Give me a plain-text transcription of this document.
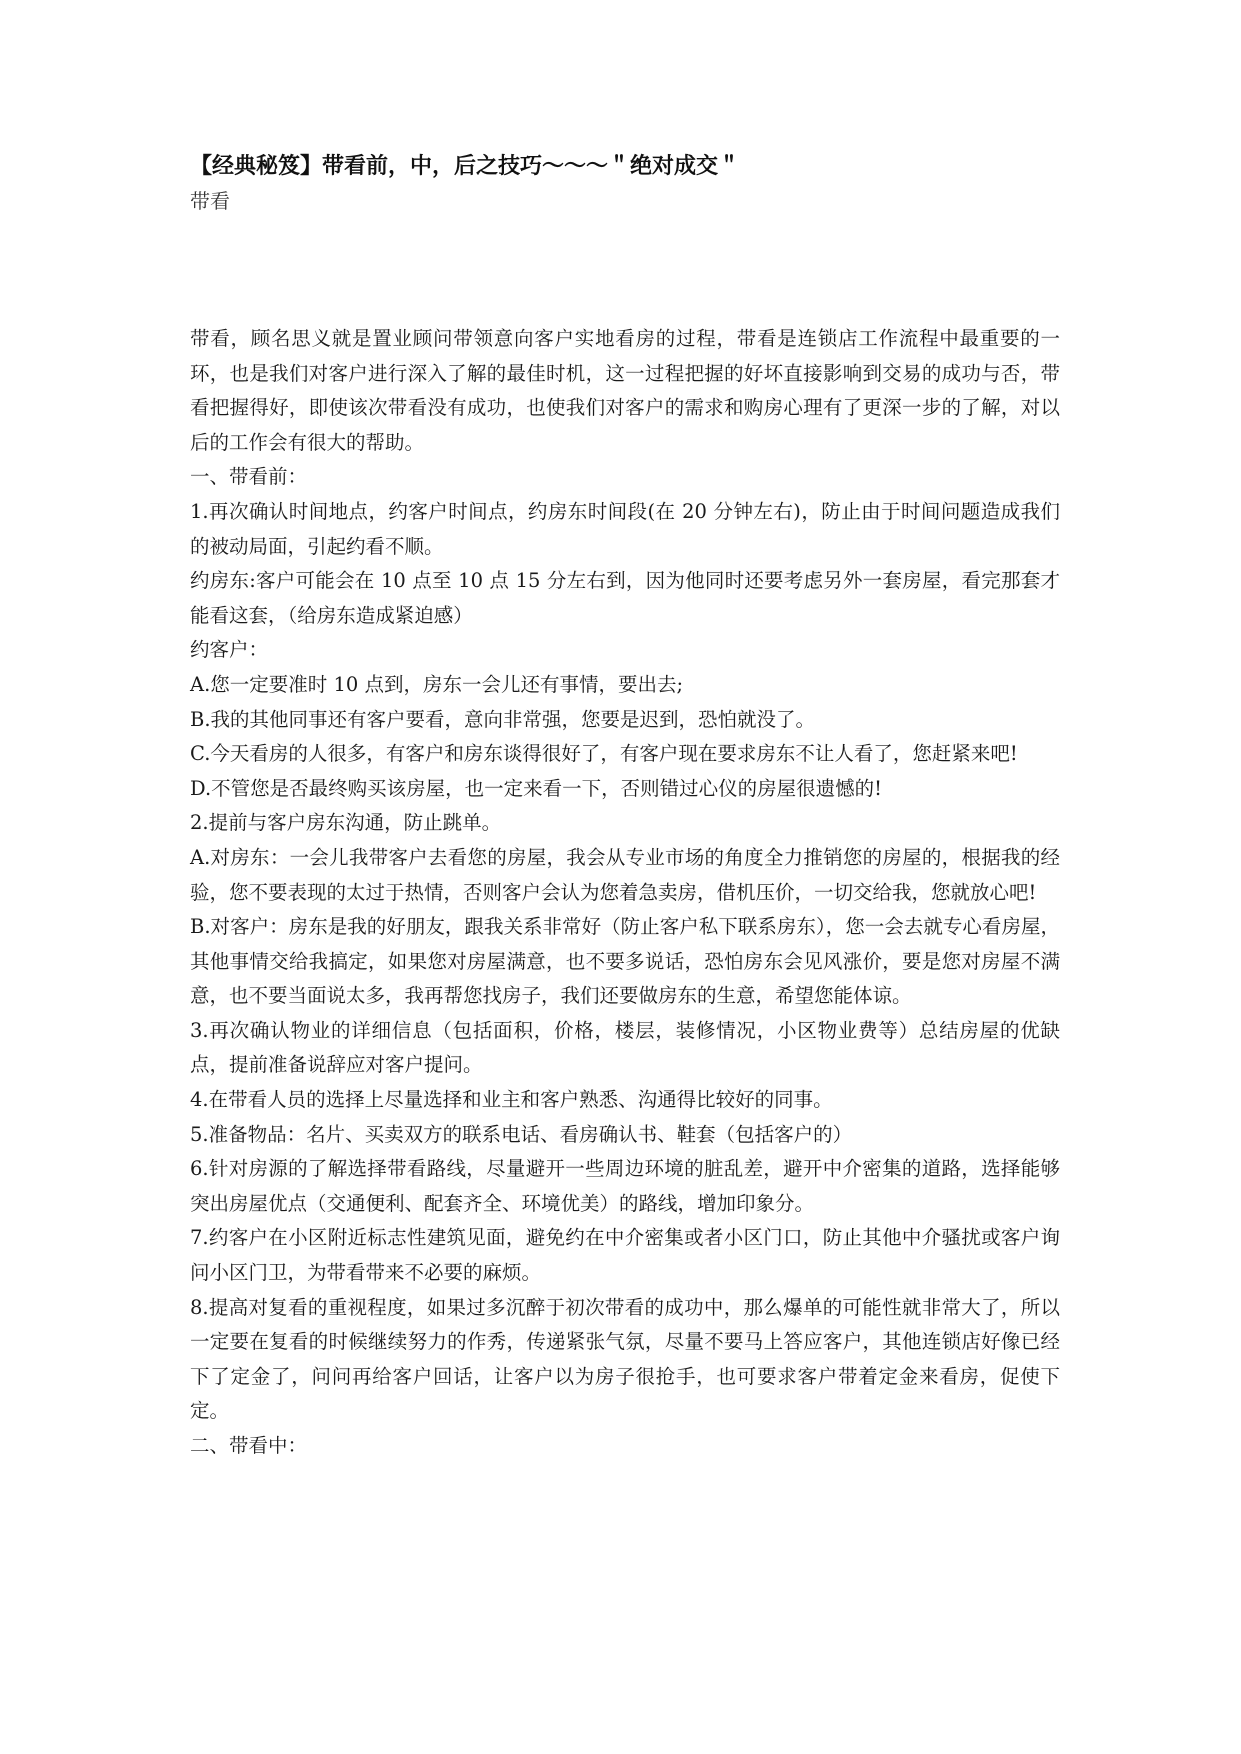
【经典秘笈】带看前，中，后之技巧～～～＂绝对成交＂
带看

带看，顾名思义就是置业顾问带领意向客户实地看房的过程，带看是连锁店工作流程中最重要的一环，也是我们对客户进行深入了解的最佳时机，这一过程把握的好坏直接影响到交易的成功与否，带看把握得好，即使该次带看没有成功，也使我们对客户的需求和购房心理有了更深一步的了解，对以后的工作会有很大的帮助。

一、带看前：

1.再次确认时间地点，约客户时间点，约房东时间段(在 20 分钟左右)，防止由于时间问题造成我们的被动局面，引起约看不顺。

约房东:客户可能会在 10 点至 10 点 15 分左右到，因为他同时还要考虑另外一套房屋，看完那套才能看这套，（给房东造成紧迫感）

约客户：

A.您一定要准时 10 点到，房东一会儿还有事情，要出去;

B.我的其他同事还有客户要看，意向非常强，您要是迟到，恐怕就没了。

C.今天看房的人很多，有客户和房东谈得很好了，有客户现在要求房东不让人看了，您赶紧来吧!

D.不管您是否最终购买该房屋，也一定来看一下，否则错过心仪的房屋很遗憾的!

2.提前与客户房东沟通，防止跳单。

A.对房东：一会儿我带客户去看您的房屋，我会从专业市场的角度全力推销您的房屋的，根据我的经验，您不要表现的太过于热情，否则客户会认为您着急卖房，借机压价，一切交给我，您就放心吧!

B.对客户：房东是我的好朋友，跟我关系非常好（防止客户私下联系房东），您一会去就专心看房屋，其他事情交给我搞定，如果您对房屋满意，也不要多说话，恐怕房东会见风涨价，要是您对房屋不满意，也不要当面说太多，我再帮您找房子，我们还要做房东的生意，希望您能体谅。

3.再次确认物业的详细信息（包括面积，价格，楼层，装修情况，小区物业费等）总结房屋的优缺点，提前准备说辞应对客户提问。

4.在带看人员的选择上尽量选择和业主和客户熟悉、沟通得比较好的同事。

5.准备物品：名片、买卖双方的联系电话、看房确认书、鞋套（包括客户的）

6.针对房源的了解选择带看路线，尽量避开一些周边环境的脏乱差，避开中介密集的道路，选择能够突出房屋优点（交通便利、配套齐全、环境优美）的路线，增加印象分。

7.约客户在小区附近标志性建筑见面，避免约在中介密集或者小区门口，防止其他中介骚扰或客户询问小区门卫，为带看带来不必要的麻烦。

8.提高对复看的重视程度，如果过多沉醉于初次带看的成功中，那么爆单的可能性就非常大了，所以一定要在复看的时候继续努力的作秀，传递紧张气氛，尽量不要马上答应客户，其他连锁店好像已经下了定金了，问问再给客户回话，让客户以为房子很抢手，也可要求客户带着定金来看房，促使下定。

二、带看中：
